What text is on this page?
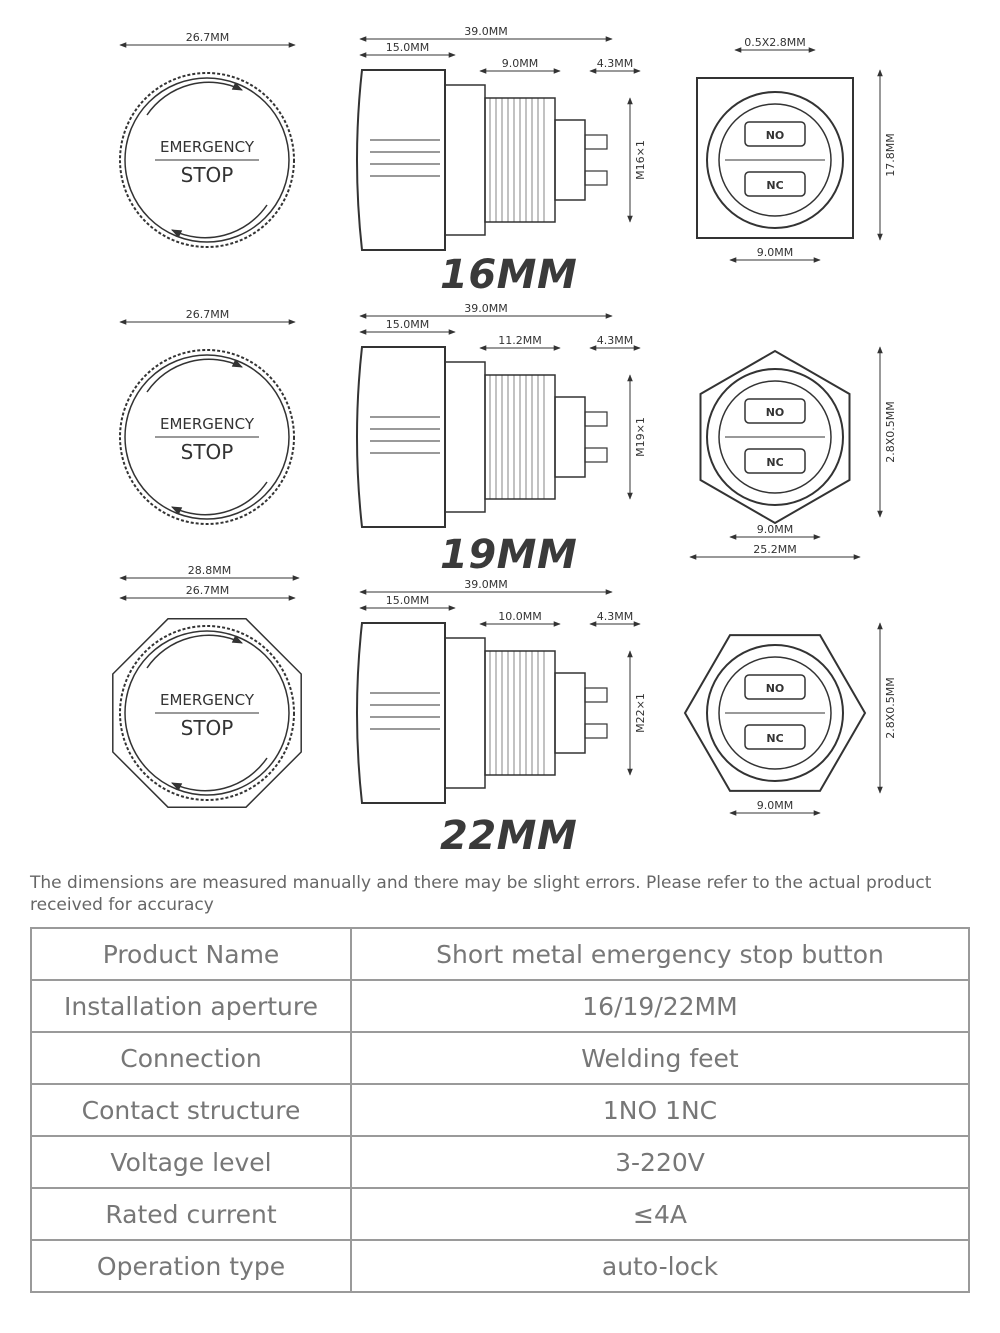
26.7MM
EMERGENCY
STOP
39.0MM
15.0MM
9.0MM	4.3MM
M16×1
0.5X2.8MM
NO
NC
17.8MM
9.0MM
26.7MM
EMERGENCY
STOP
39.0MM
15.0MM
11.2MM	4.3MM
M19×1
NO
NC	2.8X0.5MM
9.0MM
25.2MM
26.7MM
28.8MM
EMERGENCY
STOP
39.0MM
15.0MM
10.0MM	4.3MM
M22×1
NO
NC	2.8X0.5MM
9.0MM
16MM
19MM
22MM
The dimensions are measured manually and there may be slight errors. Please refer to the actual product received for accuracy
Product Name	Short metal emergency stop button
Installation aperture	16/19/22MM
Connection	Welding feet
Contact structure	1NO 1NC
Voltage level	3-220V
Rated current	≤4A
Operation type	auto-lock
